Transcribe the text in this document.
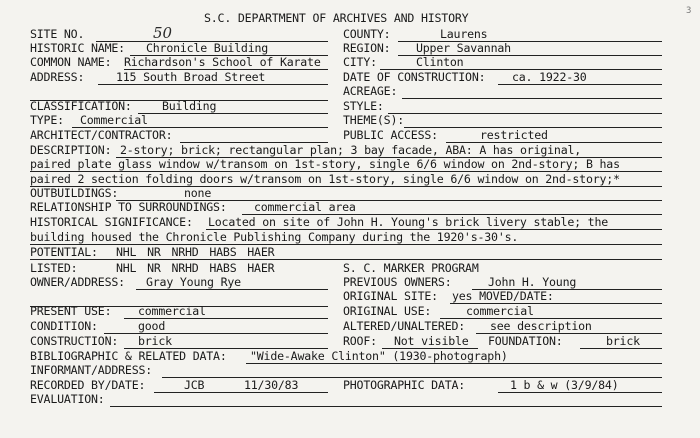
3
S.C. DEPARTMENT OF ARCHIVES AND HISTORY
SITE NO.	50	COUNTY:	Laurens
HISTORIC NAME: Chronicle Building	REGION: Upper Savannah
COMMON NAME: Richardson's School of Karate CITY:	Clinton
ADDRESS:	115 South Broad Street	DATE OF CONSTRUCTION: ca. 1922-30
ACREAGE:
CLASSIFICATION:	Building	STYLE:
TYPE: Commercial	THEME(S):
ARCHITECT/CONTRACTOR:	PUBLIC ACCESS:	restricted
DESCRIPTION: 2-story; brick; rectangular plan; 3 bay facade, ABA: A has original,
paired plate glass window w/transom on 1st-story, single 6/6 window on 2nd-story; B has
paired 2 section folding doors w/transom on 1st-story, single 6/6 window on 2nd-story;*
OUTBUILDINGS:	none
RELATIONSHIP TO SURROUNDINGS: commercial area
HISTORICAL SIGNIFICANCE: Located on site of John H. Young's brick livery stable; the
building housed the Chronicle Publishing Company during the 1920's-30's.
POTENTIAL: NHL NR NRHD HABS HAER
LISTED:	NHL NR NRHD HABS HAER	S. C. MARKER PROGRAM
OWNER/ADDRESS: Gray Young Rye	PREVIOUS OWNERS:	John H. Young
ORIGINAL SITE: yes MOVED/DATE:
PRESENT USE: commercial	ORIGINAL USE:	commercial
CONDITION:	good	ALTERED/UNALTERED: see description
CONSTRUCTION: brick	ROOF: Not visible FOUNDATION:	brick
BIBLIOGRAPHIC & RELATED DATA: "Wide-Awake Clinton" (1930-photograph)
INFORMANT/ADDRESS:
RECORDED BY/DATE:	JCB	11/30/83	PHOTOGRAPHIC DATA:	1 b & w (3/9/84)
EVALUATION:
